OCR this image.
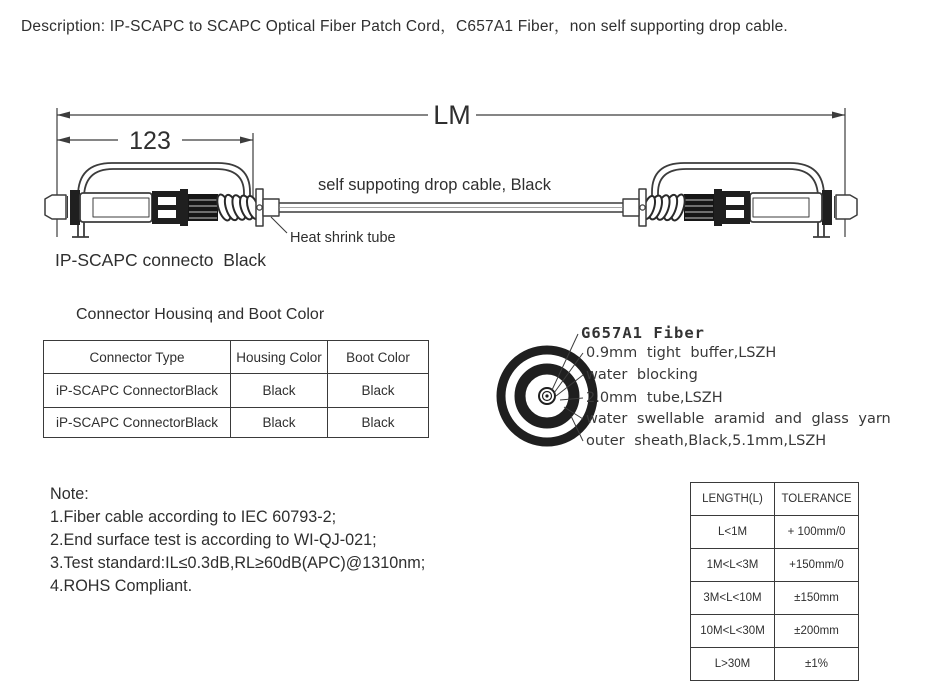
Description: IP-SCAPC to SCAPC Optical Fiber Patch Cord，C657A1 Fiber，non self supporting drop cable.
LM
123
Heat shrink tube
self suppoting drop cable, Black
IP-SCAPC connecto  Black
Connector Housinq and Boot Color
Connector Type	Housing Color	Boot Color
iP-SCAPC ConnectorBlack	Black	Black
iP-SCAPC ConnectorBlack	Black	Black
G657A1 Fiber
0.9mm tight buffer,LSZH
water blocking
2.0mm tube,LSZH
water swellable aramid and glass yarn
outer sheath,Black,5.1mm,LSZH
Note:
1.Fiber cable according to IEC 60793-2;
2.End surface test is according to WI-QJ-021;
3.Test standard:IL≤0.3dB,RL≥60dB(APC)@1310nm;
4.ROHS Compliant.
LENGTH(L)	TOLERANCE
L<1M	+ 100mm/0
1M<L<3M	+150mm/0
3M<L<10M	±150mm
10M<L<30M	±200mm
L>30M	±1%
